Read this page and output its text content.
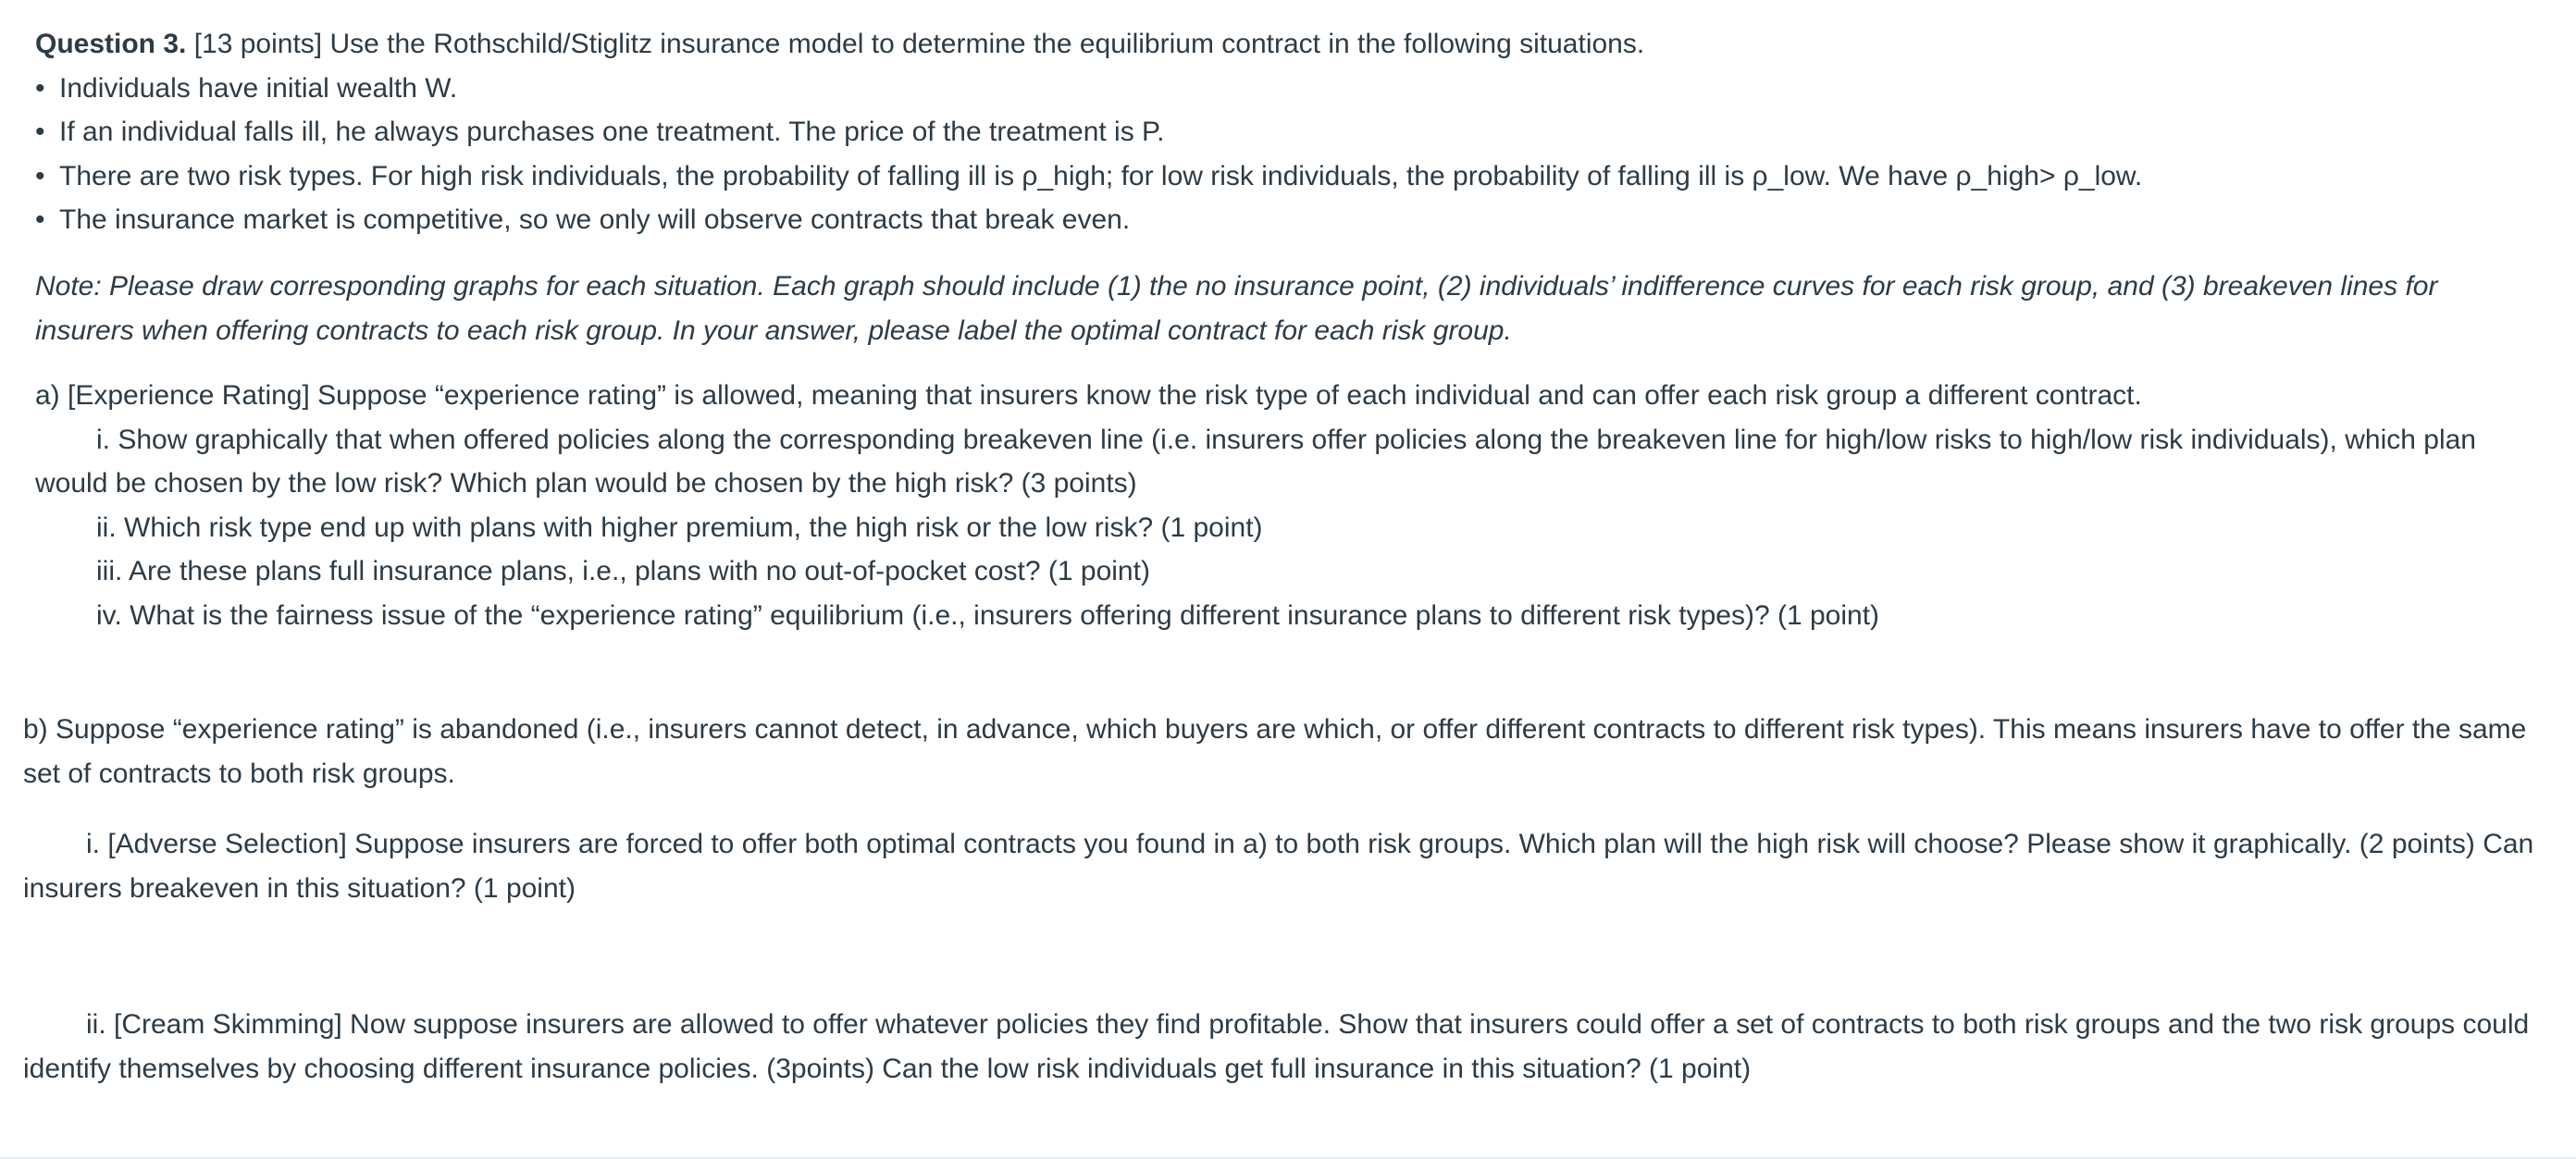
Question 3. [13 points] Use the Rothschild/Stiglitz insurance model to determine the equilibrium contract in the following situations.

• Individuals have initial wealth W.
• If an individual falls ill, he always purchases one treatment. The price of the treatment is P.
• There are two risk types. For high risk individuals, the probability of falling ill is ρ_high; for low risk individuals, the probability of falling ill is ρ_low. We have ρ_high> ρ_low.
• The insurance market is competitive, so we only will observe contracts that break even.

Note: Please draw corresponding graphs for each situation. Each graph should include (1) the no insurance point, (2) individuals’ indifference curves for each risk group, and (3) breakeven lines for insurers when offering contracts to each risk group. In your answer, please label the optimal contract for each risk group.

a) [Experience Rating] Suppose “experience rating” is allowed, meaning that insurers know the risk type of each individual and can offer each risk group a different contract.

i. Show graphically that when offered policies along the corresponding breakeven line (i.e. insurers offer policies along the breakeven line for high/low risks to high/low risk individuals), which plan would be chosen by the low risk? Which plan would be chosen by the high risk? (3 points)

ii. Which risk type end up with plans with higher premium, the high risk or the low risk? (1 point)

iii. Are these plans full insurance plans, i.e., plans with no out-of-pocket cost? (1 point)

iv. What is the fairness issue of the “experience rating” equilibrium (i.e., insurers offering different insurance plans to different risk types)? (1 point)

b) Suppose “experience rating” is abandoned (i.e., insurers cannot detect, in advance, which buyers are which, or offer different contracts to different risk types). This means insurers have to offer the same set of contracts to both risk groups.

i. [Adverse Selection] Suppose insurers are forced to offer both optimal contracts you found in a) to both risk groups. Which plan will the high risk will choose? Please show it graphically. (2 points) Can insurers breakeven in this situation? (1 point)

ii. [Cream Skimming] Now suppose insurers are allowed to offer whatever policies they find profitable. Show that insurers could offer a set of contracts to both risk groups and the two risk groups could identify themselves by choosing different insurance policies. (3points) Can the low risk individuals get full insurance in this situation? (1 point)
